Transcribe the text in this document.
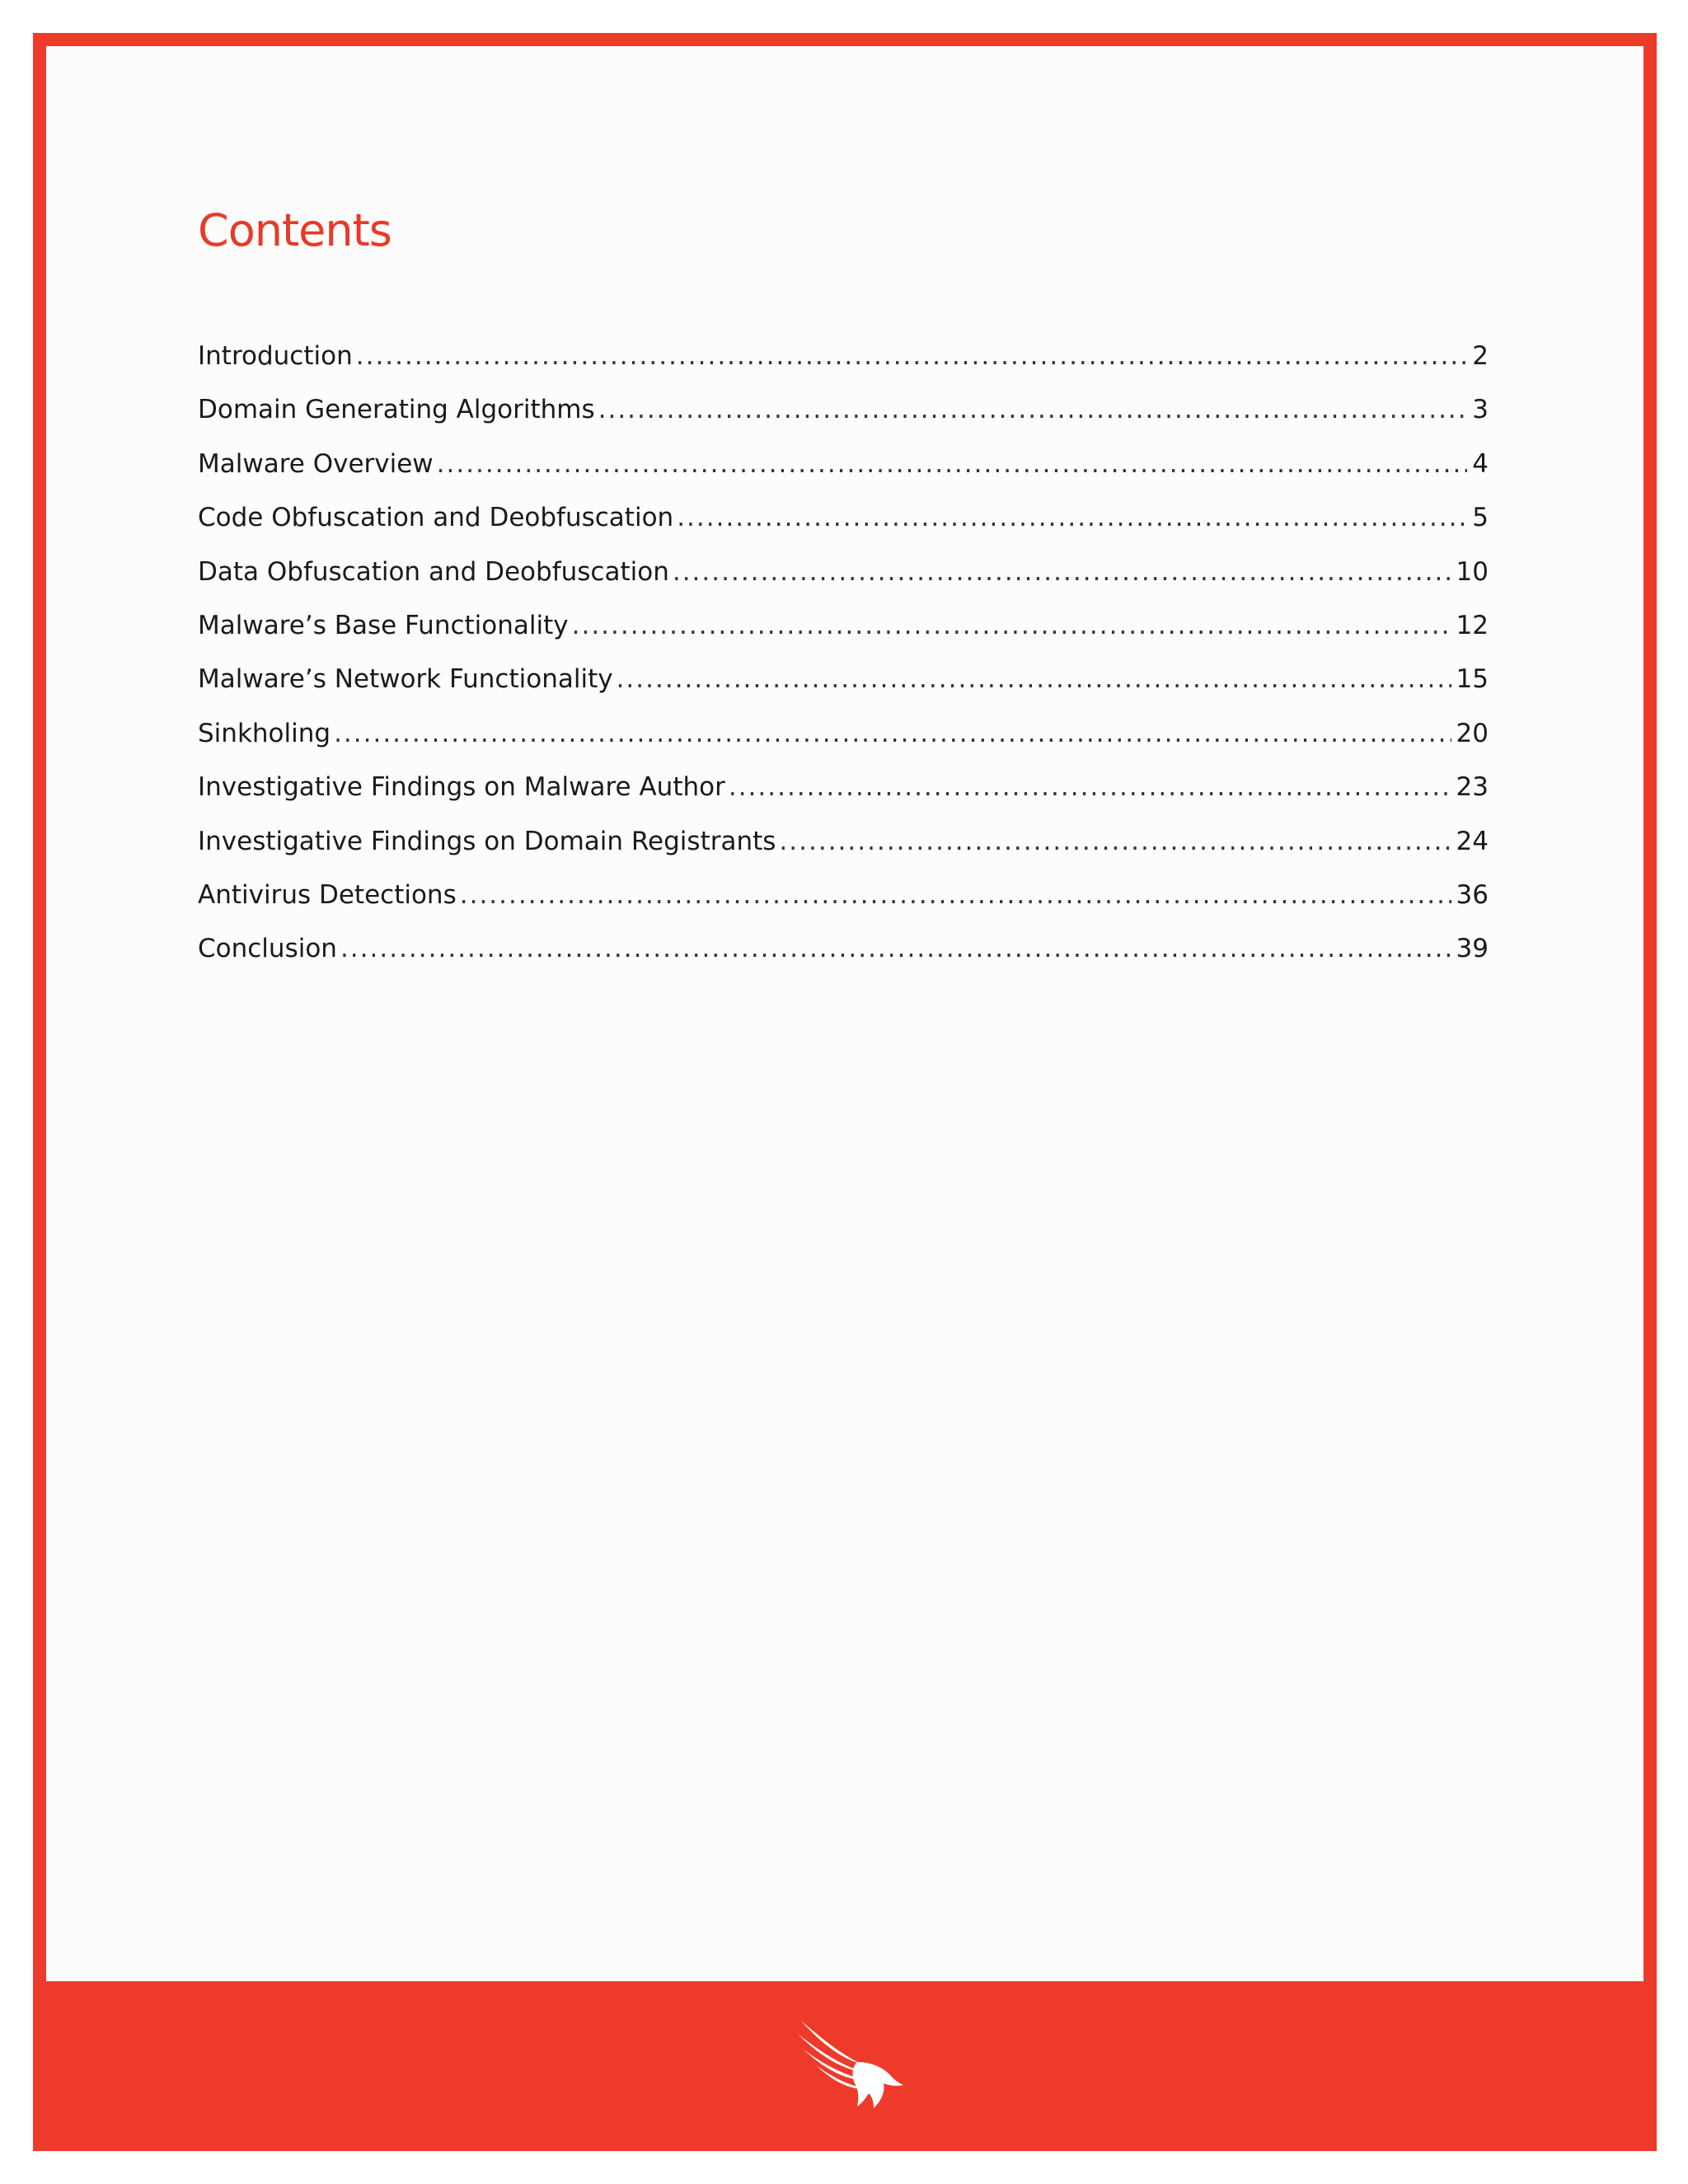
Contents
Introduction .....	2
Domain Generating Algorithms .....	3
Malware Overview .....	4
Code Obfuscation and Deobfuscation .....	5
Data Obfuscation and Deobfuscation .....	10
Malware’s Base Functionality .....	12
Malware’s Network Functionality .....	15
Sinkholing .....	20
Investigative Findings on Malware Author .....	23
Investigative Findings on Domain Registrants .....	24
Antivirus Detections .....	36
Conclusion .....	39
